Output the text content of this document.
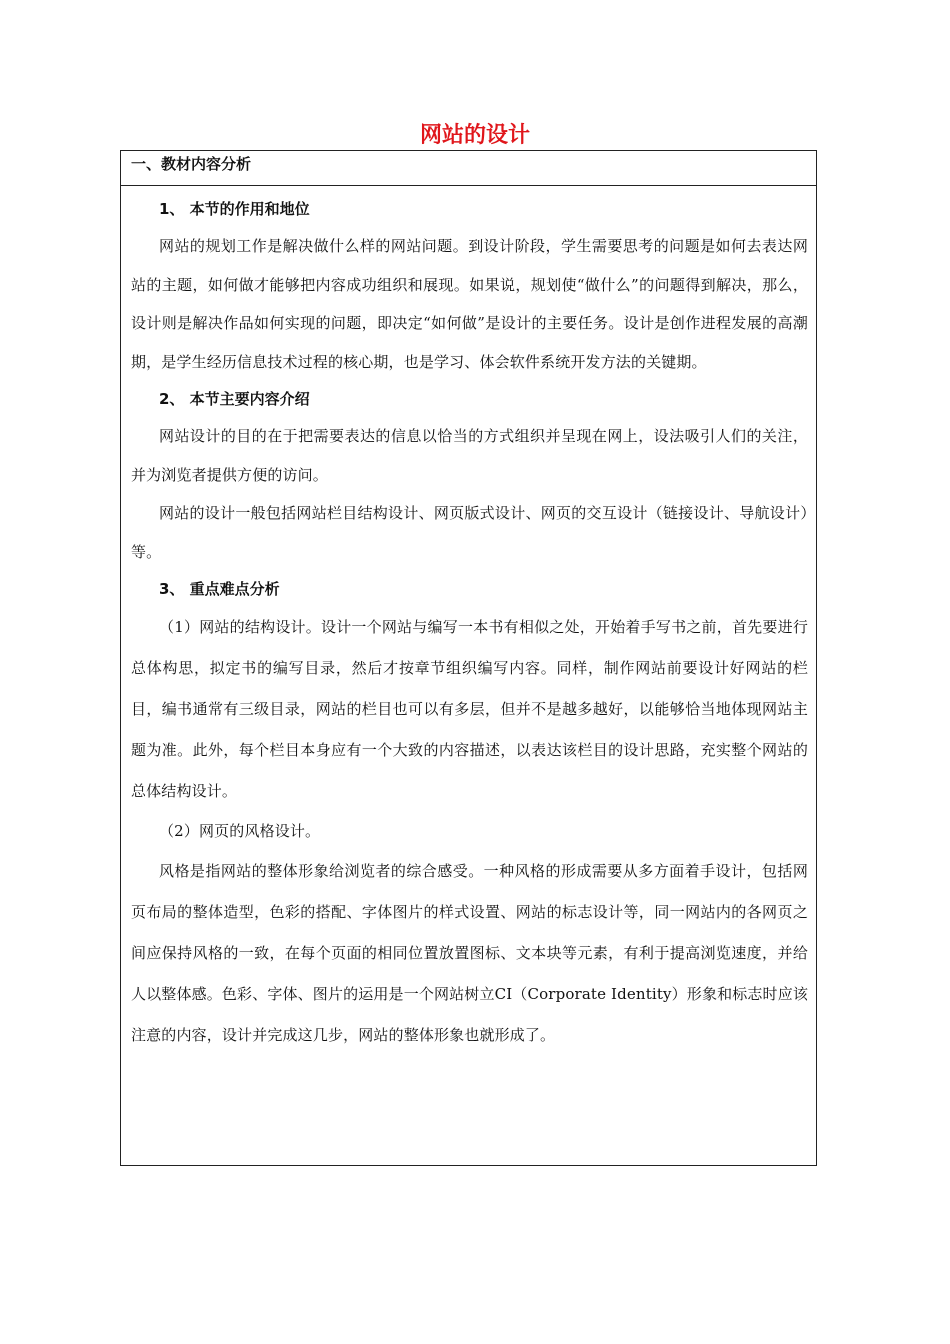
网站的设计
一、教材内容分析
1、 本节的作用和地位

网站的规划工作是解决做什么样的网站问题。到设计阶段，学生需要思考的问题是如何去表达网站的主题，如何做才能够把内容成功组织和展现。如果说，规划使“做什么”的问题得到解决，那么，设计则是解决作品如何实现的问题，即决定“如何做”是设计的主要任务。设计是创作进程发展的高潮期，是学生经历信息技术过程的核心期，也是学习、体会软件系统开发方法的关键期。

2、 本节主要内容介绍

网站设计的目的在于把需要表达的信息以恰当的方式组织并呈现在网上，设法吸引人们的关注，并为浏览者提供方便的访问。

网站的设计一般包括网站栏目结构设计、网页版式设计、网页的交互设计（链接设计、导航设计）等。

3、 重点难点分析

（1）网站的结构设计。设计一个网站与编写一本书有相似之处，开始着手写书之前，首先要进行总体构思，拟定书的编写目录，然后才按章节组织编写内容。同样，制作网站前要设计好网站的栏目，编书通常有三级目录，网站的栏目也可以有多层，但并不是越多越好，以能够恰当地体现网站主题为准。此外，每个栏目本身应有一个大致的内容描述，以表达该栏目的设计思路，充实整个网站的总体结构设计。

（2）网页的风格设计。

风格是指网站的整体形象给浏览者的综合感受。一种风格的形成需要从多方面着手设计，包括网页布局的整体造型，色彩的搭配、字体图片的样式设置、网站的标志设计等，同一网站内的各网页之间应保持风格的一致，在每个页面的相同位置放置图标、文本块等元素，有利于提高浏览速度，并给人以整体感。色彩、字体、图片的运用是一个网站树立CI（Corporate Identity）形象和标志时应该注意的内容，设计并完成这几步，网站的整体形象也就形成了。
